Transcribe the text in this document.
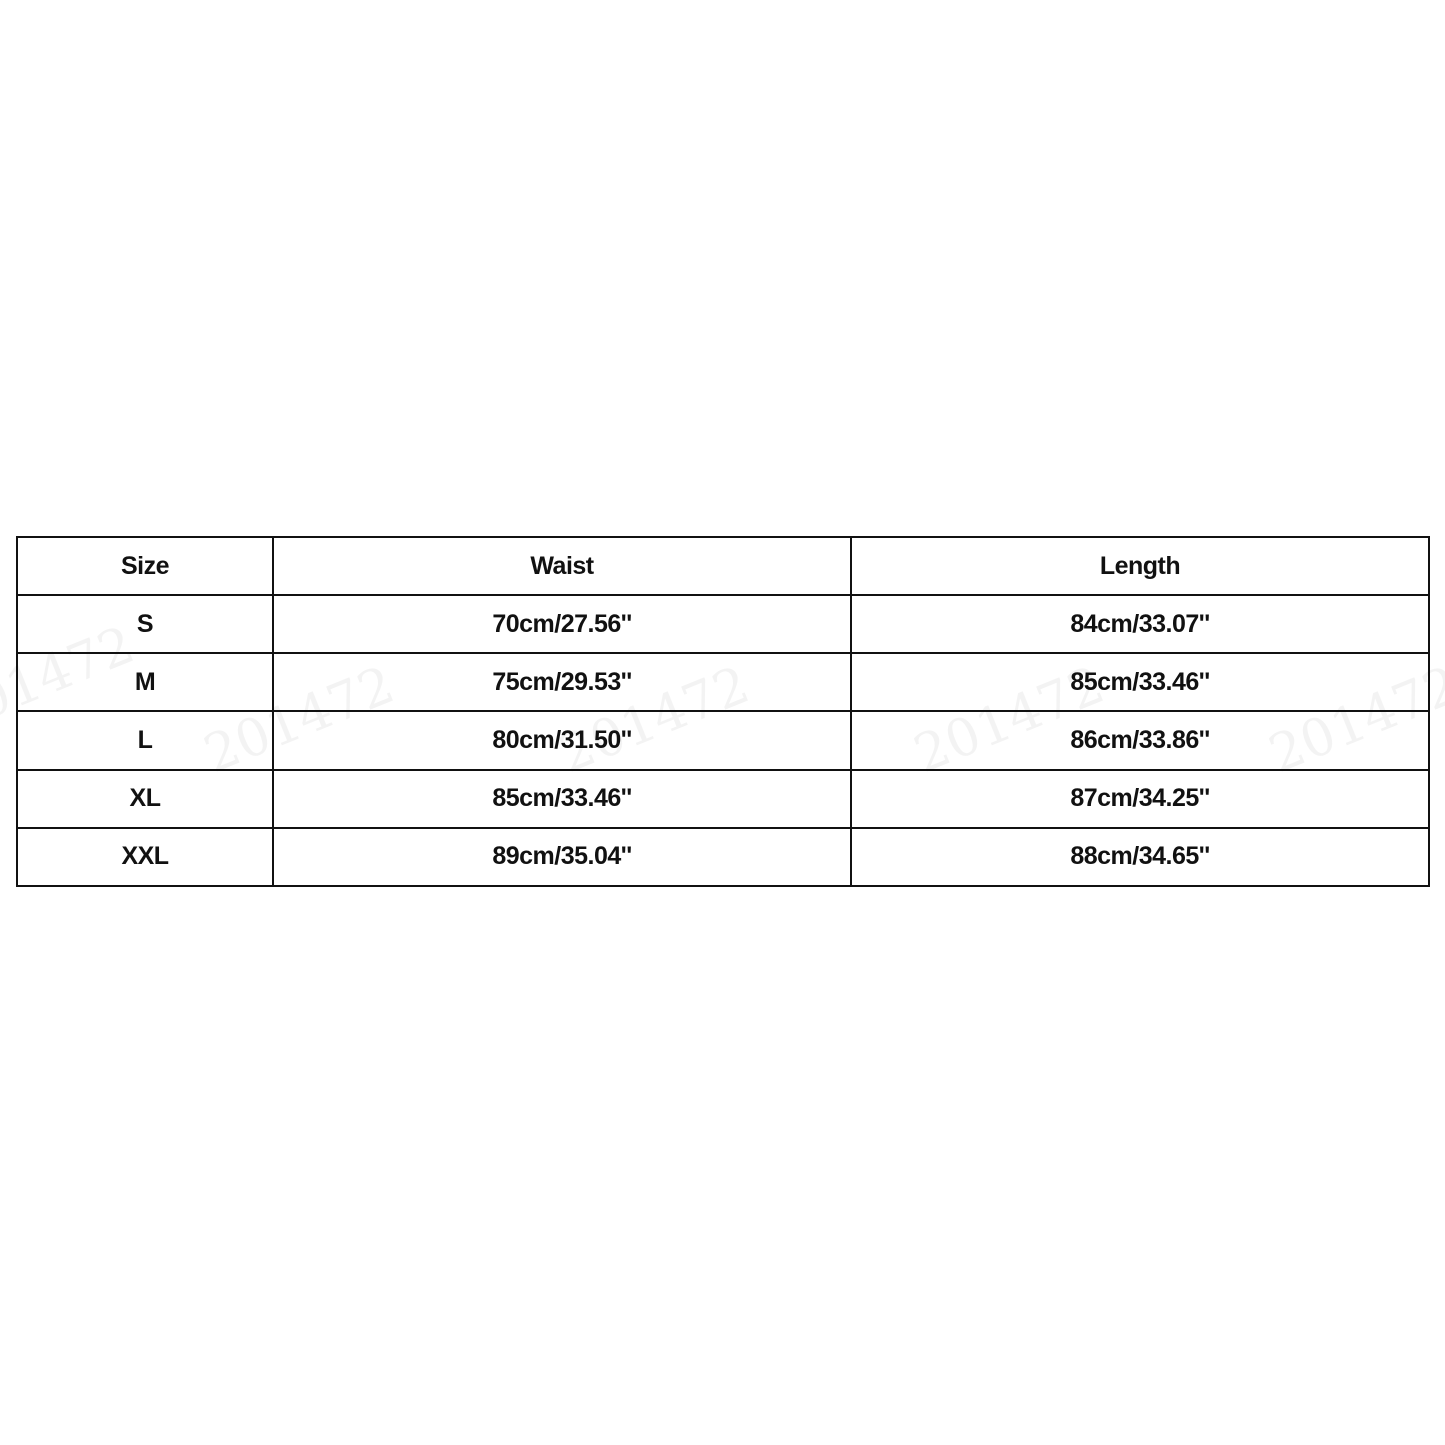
Size	Waist	Length
S	70cm/27.56''	84cm/33.07''
M	75cm/29.53''	85cm/33.46''
L	80cm/31.50''	86cm/33.86''
XL	85cm/33.46''	87cm/34.25''
XXL	89cm/35.04''	88cm/34.65''
